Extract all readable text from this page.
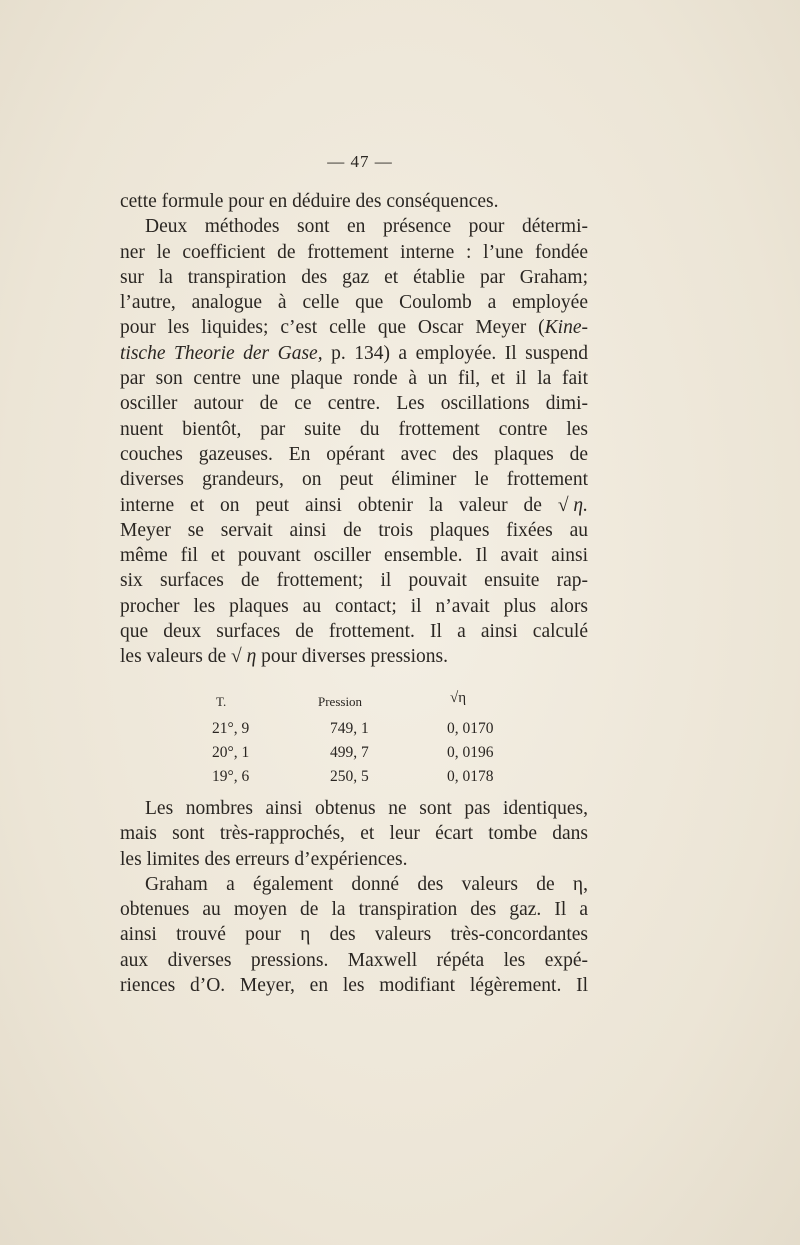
— 47 —
cette formule pour en déduire des conséquences.
Deux méthodes sont en présence pour détermi-
ner le coefficient de frottement interne : l’une fondée
sur la transpiration des gaz et établie par Graham;
l’autre, analogue à celle que Coulomb a employée
pour les liquides; c’est celle que Oscar Meyer (Kine-
tische Theorie der Gase, p. 134) a employée. Il suspend
par son centre une plaque ronde à un fil, et il la fait
osciller autour de ce centre. Les oscillations dimi-
nuent bientôt, par suite du frottement contre les
couches gazeuses. En opérant avec des plaques de
diverses grandeurs, on peut éliminer le frottement
interne et on peut ainsi obtenir la valeur de √ η.
Meyer se servait ainsi de trois plaques fixées au
même fil et pouvant osciller ensemble. Il avait ainsi
six surfaces de frottement; il pouvait ensuite rap-
procher les plaques au contact; il n’avait plus alors
que deux surfaces de frottement. Il a ainsi calculé
les valeurs de √ η pour diverses pressions.
T.	Pression	√η
21°, 9	749, 1	0, 0170
20°, 1	499, 7	0, 0196
19°, 6	250, 5	0, 0178
Les nombres ainsi obtenus ne sont pas identiques,
mais sont très-rapprochés, et leur écart tombe dans
les limites des erreurs d’expériences.
Graham a également donné des valeurs de η,
obtenues au moyen de la transpiration des gaz. Il a
ainsi trouvé pour η des valeurs très-concordantes
aux diverses pressions. Maxwell répéta les expé-
riences d’O. Meyer, en les modifiant légèrement. Il
